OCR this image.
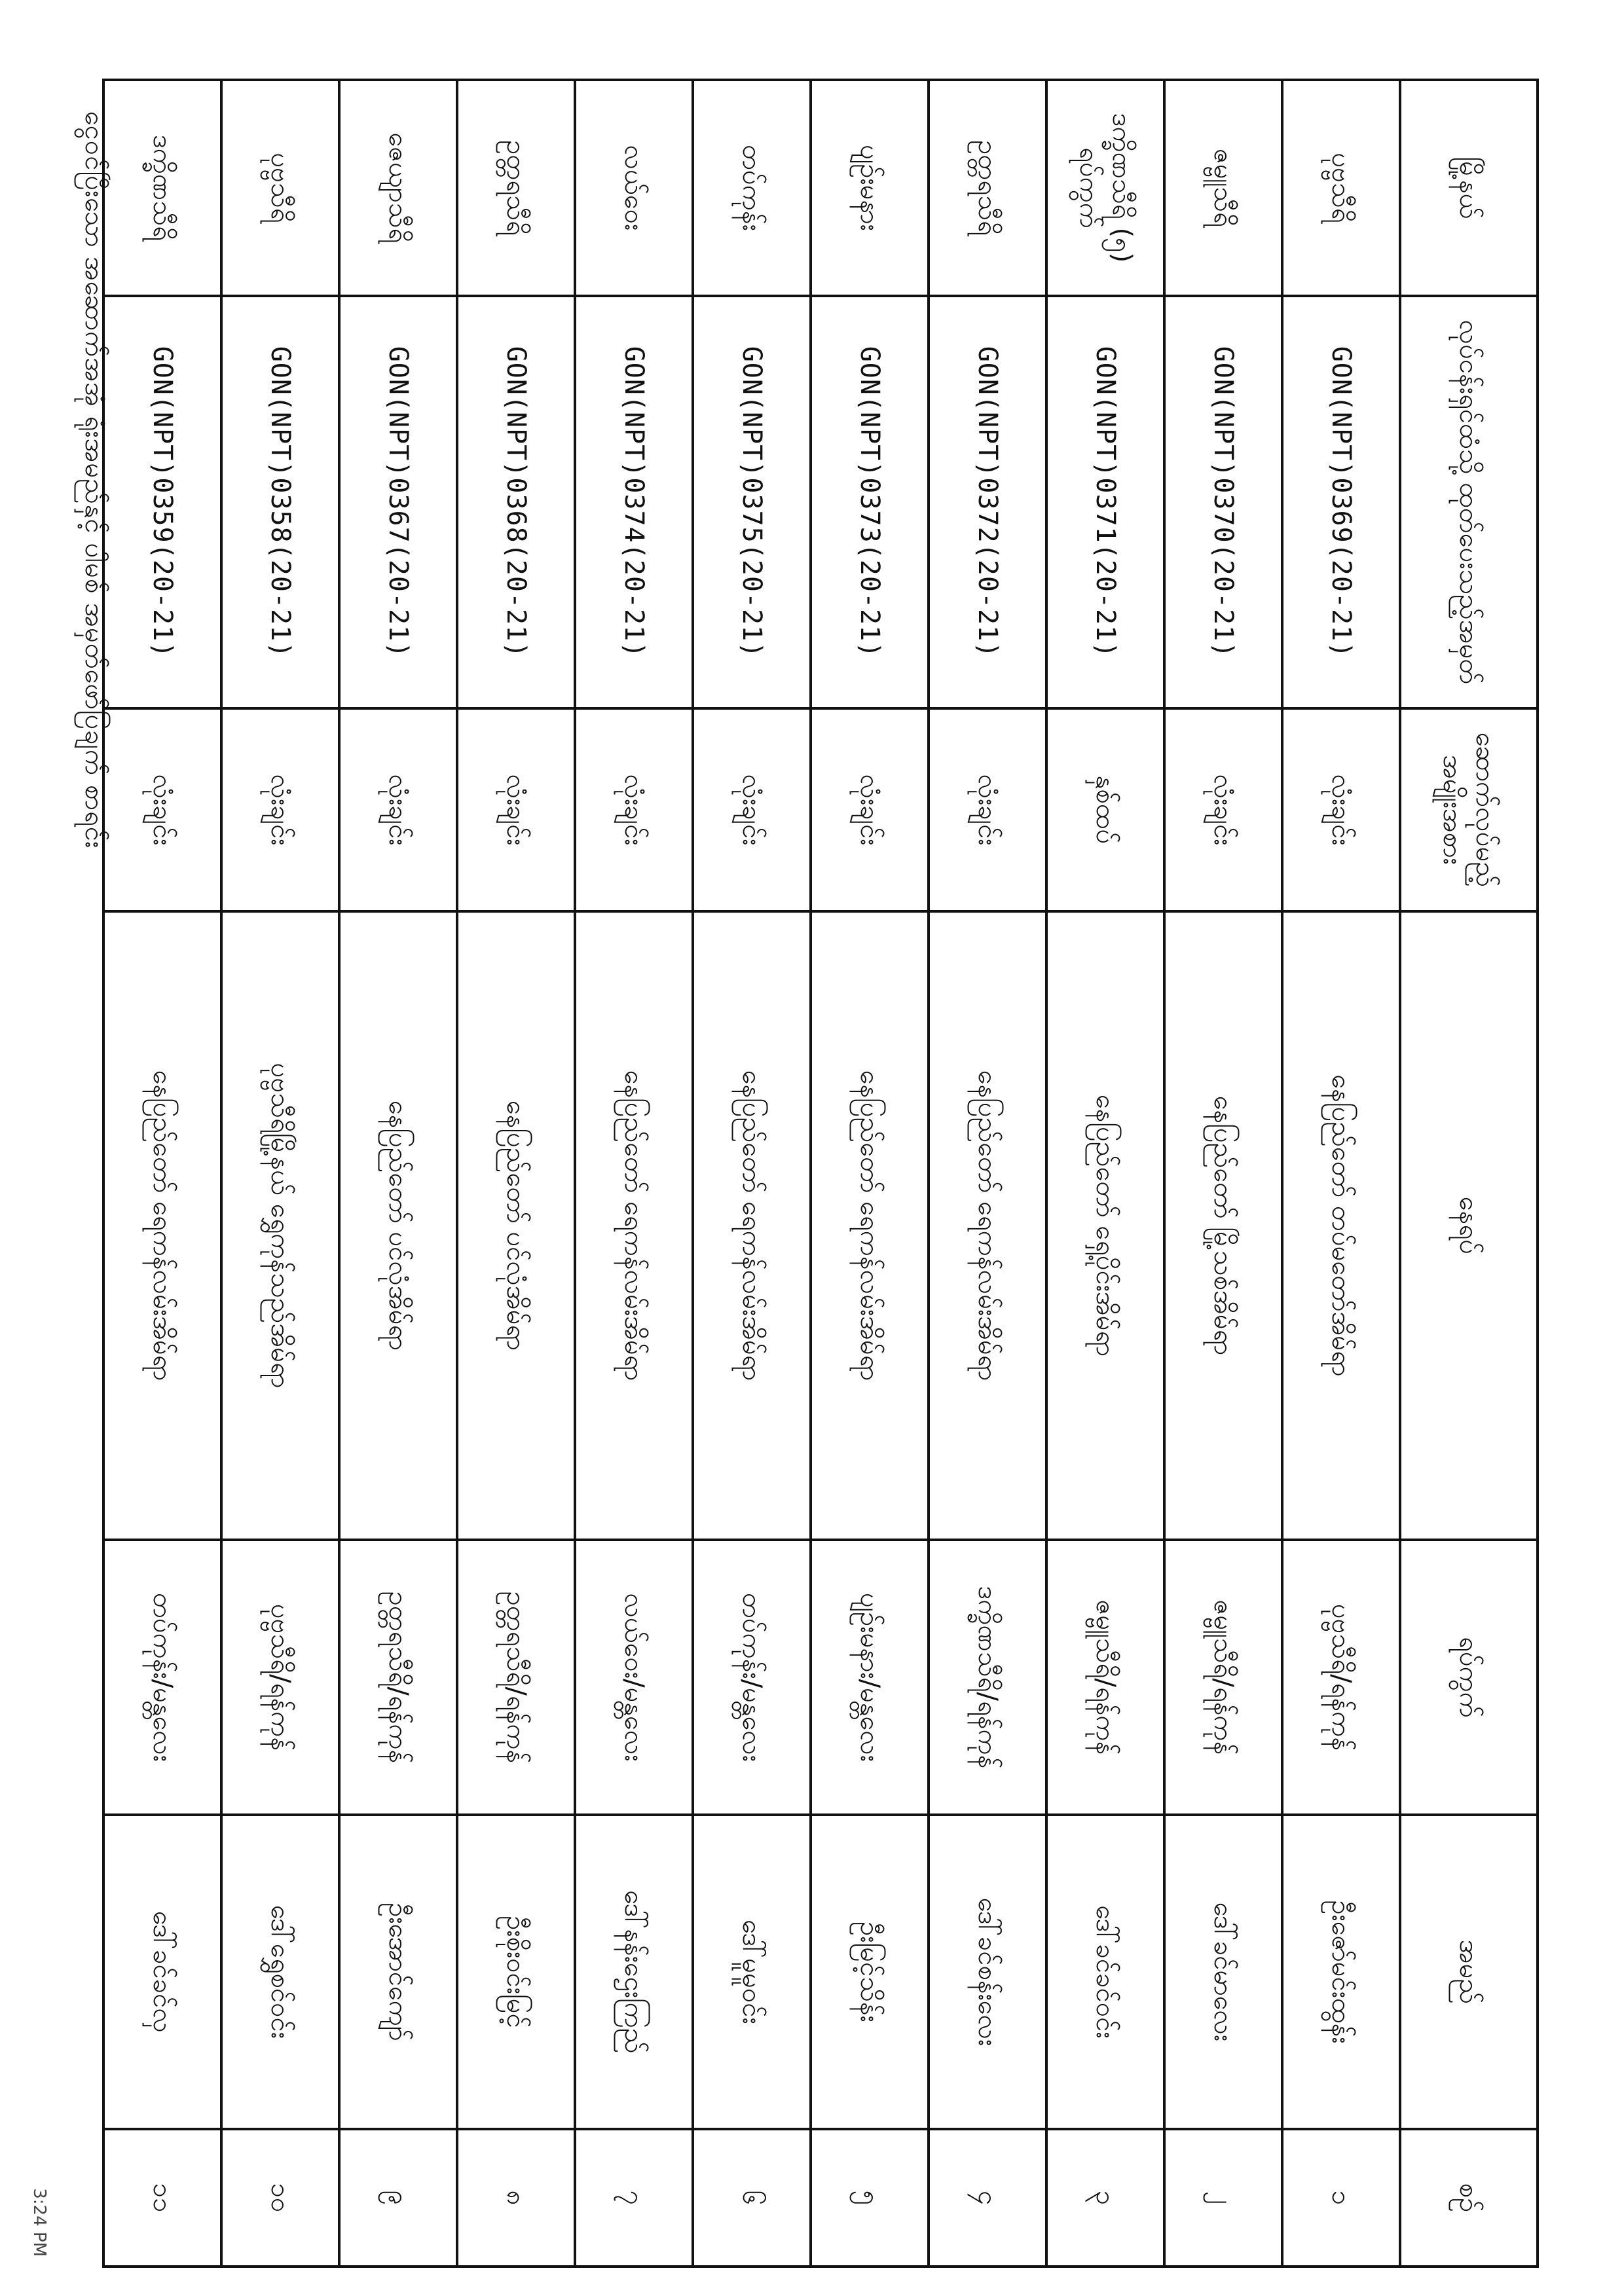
‌ငွေဝင်ပြီးသော အဆောက်အအုံ ရုံးအမည်နှင့် ပါမစ် အမှတ်ဖော်ပြချက် စာရင်း
3:24 PM
မြို့နယ်	လုပ်ငန်းရှင်ထံသို့ ထုတ်ပေးသည့်အမှတ်	ဆောက်လုပ်မည့် အမျိုးအစား	နေရပ်	ရပ်ကွက်	အမည်	စဉ်
ပုဗ္ဗသီရိ	GON(NPT)0369(20-21)	လုံးချင်း	နေပြည်တော် တပ်မတော်အိမ်ရာ	ပုဗ္ဗသီရိ/ရန်ကုန်	ဦးဇော်မင်းထွန်း	၁
ဇမ္ဗူသီရိ	GON(NPT)0370(20-21)	လုံးချင်း	နေပြည်တော် မြို့သစ်အိမ်ရာ	ဇမ္ဗူသီရိ/ရန်ကုန်	ဒေါ်ခင်မာလေး	၂
ဒက္ခိဏသီရိ (၅) ရပ်ကွက်	GON(NPT)0371(20-21)	နှစ်ထပ်	နေပြည်တော် ရှေ့ပိုင်းအိမ်ရာ	ဇမ္ဗူသီရိ/ရန်ကုန်	ဒေါ်ခင်ခင်ဝင်း	၃
ဥတ္တရသီရိ	GON(NPT)0372(20-21)	လုံးချင်း	နေပြည်တော် ရေကန်လမ်းအိမ်ရာ	ဒက္ခိဏသီရိ/ရန်ကုန်	ဒေါ်ခင်စန်းလေး	၄
ပျဉ်းမနား	GON(NPT)0373(20-21)	လုံးချင်း	နေပြည်တော် ရေကန်လမ်းအိမ်ရာ	ပျဉ်းမနား/မန္တလေး	ဦးမြင့်သိန်း	၅
တပ်ကုန်း	GON(NPT)0375(20-21)	လုံးချင်း	နေပြည်တော် ရေကန်လမ်းအိမ်ရာ	တပ်ကုန်း/မန္တလေး	ဒေါ်မူမူဝင်း	၆
လယ်ဝေး	GON(NPT)0374(20-21)	လုံးချင်း	နေပြည်တော် ရေကန်လမ်းအိမ်ရာ	လယ်ဝေး/မန္တလေး	ဒေါ်နန်းဌေးကြည်	၇
ဥတ္တရသီရိ	GON(NPT)0368(20-21)	လုံးချင်း	နေပြည်တော် ပင်လုံအိမ်ရာ	ဥတ္တရသီရိ/ရန်ကုန်	ဦးစိုးဝင်းမြင့်	၈
ဇေယျာသီရိ	GON(NPT)0367(20-21)	လုံးချင်း	နေပြည်တော် ပင်လုံအိမ်ရာ	ဥတ္တရသီရိ/ရန်ကုန်	ဦးအောင်ကျော်	၉
ပုဗ္ဗသီရိ	GON(NPT)0358(20-21)	လုံးချင်း	ပုဗ္ဗသီရိမြို့နယ် ရွှေကုန်သည်အိမ်ရာ	ပုဗ္ဗသီရိ/ရန်ကုန်	ဒေါ်ရွှေစင်ဝင်း	၁၀
ဒက္ခိဏသီရိ	GON(NPT)0359(20-21)	လုံးချင်း	နေပြည်တော် ရေကန်လမ်းအိမ်ရာ	တပ်ကုန်း/မန္တလေး	ဒေါ်ခင်ခင်လှ	၁၁
